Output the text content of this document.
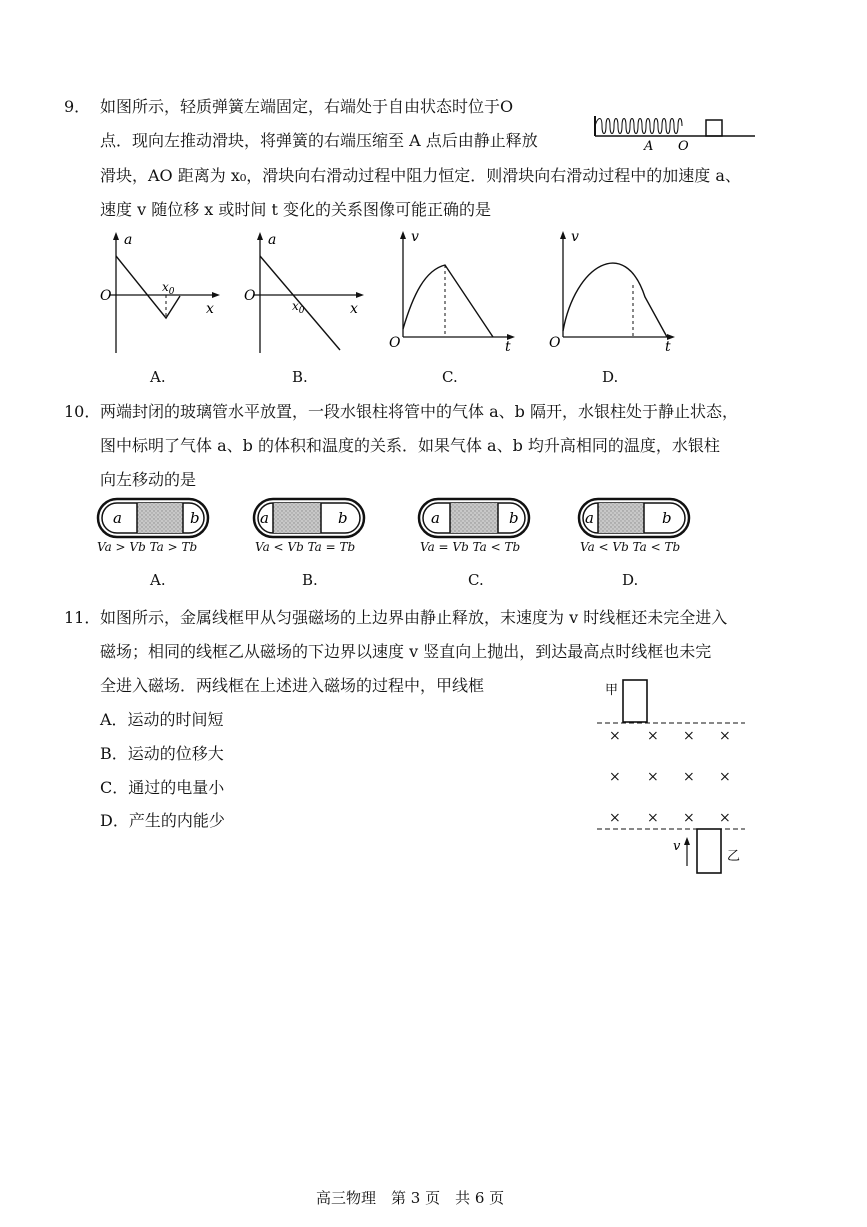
9． 如图所示，轻质弹簧左端固定，右端处于自由状态时位于O
点．现向左推动滑块，将弹簧的右端压缩至 A 点后由静止释放
滑块，AO 距离为 x₀，滑块向右滑动过程中阻力恒定．则滑块向右滑动过程中的加速度 a、
速度 v 随位移 x 或时间 t 变化的关系图像可能正确的是
A O
a
O
x
$x_0$
A.
a
O
x
$x_0$
B.
v
O	t
C.
v
O	t
D.
10． 两端封闭的玻璃管水平放置，一段水银柱将管中的气体 a、b 隔开，水银柱处于静止状态，
图中标明了气体 a、b 的体积和温度的关系．如果气体 a、b 均升高相同的温度，水银柱
向左移动的是
a	b
Va > Vb Ta > Tb
A.
a	b
Va < Vb Ta = Tb
B.
a	b
Va = Vb Ta < Tb
C.
a	b
Va < Vb Ta < Tb
D.
11． 如图所示，金属线框甲从匀强磁场的上边界由静止释放，末速度为 v 时线框还未完全进入
磁场；相同的线框乙从磁场的下边界以速度 v 竖直向上抛出，到达最高点时线框也未完
全进入磁场．两线框在上述进入磁场的过程中，甲线框
A．运动的时间短
B．运动的位移大
C．通过的电量小
D．产生的内能少
甲
× × × ×
× × × ×
× × × ×
乙
v
高三物理　第 3 页　共 6 页
